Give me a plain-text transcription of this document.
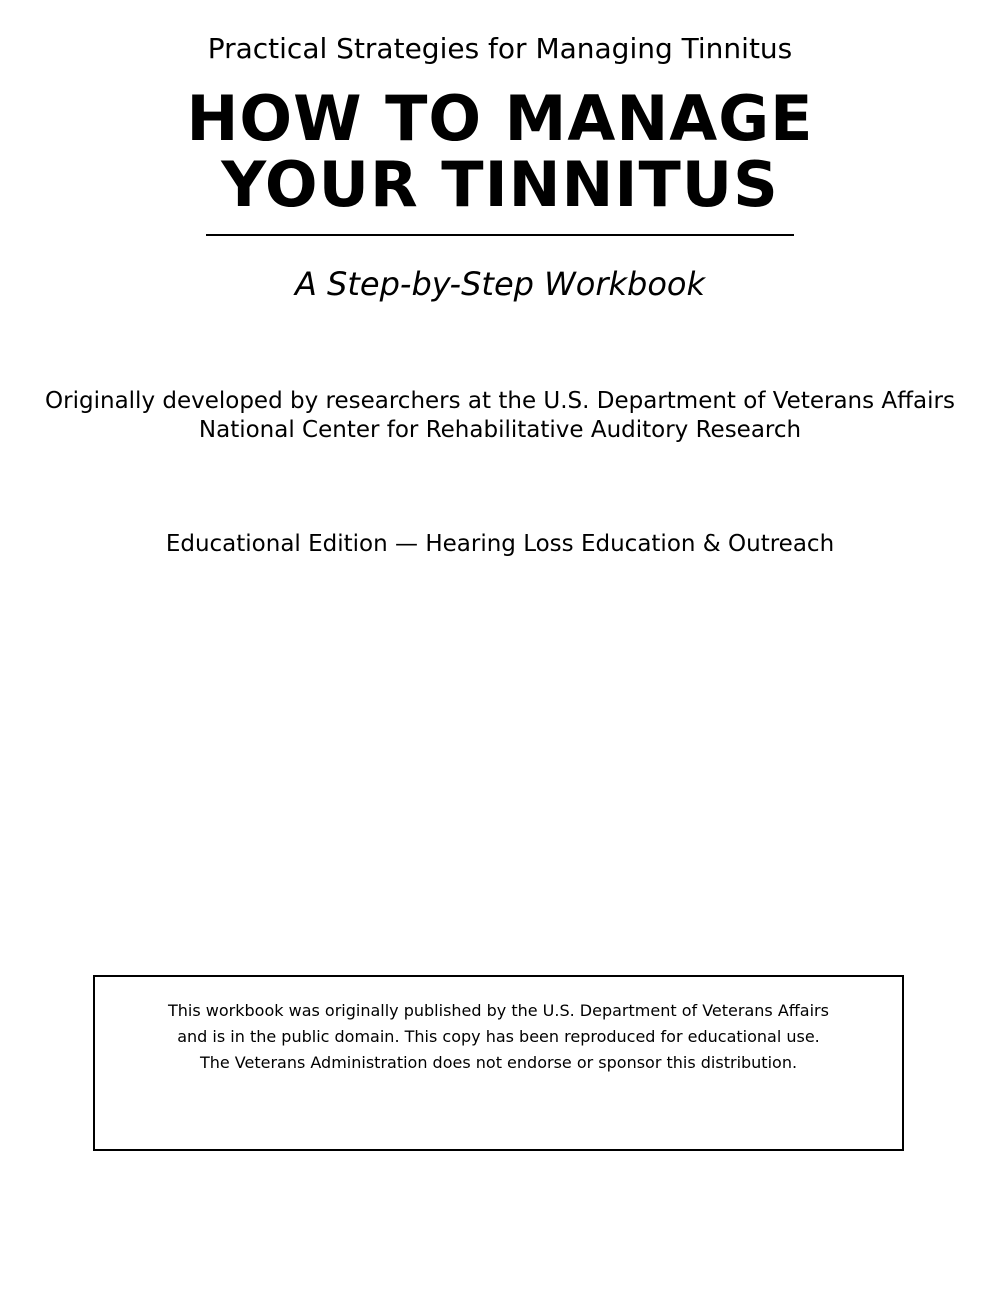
Practical Strategies for Managing Tinnitus
HOW TO MANAGE
YOUR TINNITUS
A Step-by-Step Workbook
Originally developed by researchers at the U.S. Department of Veterans Affairs
National Center for Rehabilitative Auditory Research
Educational Edition — Hearing Loss Education & Outreach
This workbook was originally published by the U.S. Department of Veterans Affairs
and is in the public domain. This copy has been reproduced for educational use.
The Veterans Administration does not endorse or sponsor this distribution.
